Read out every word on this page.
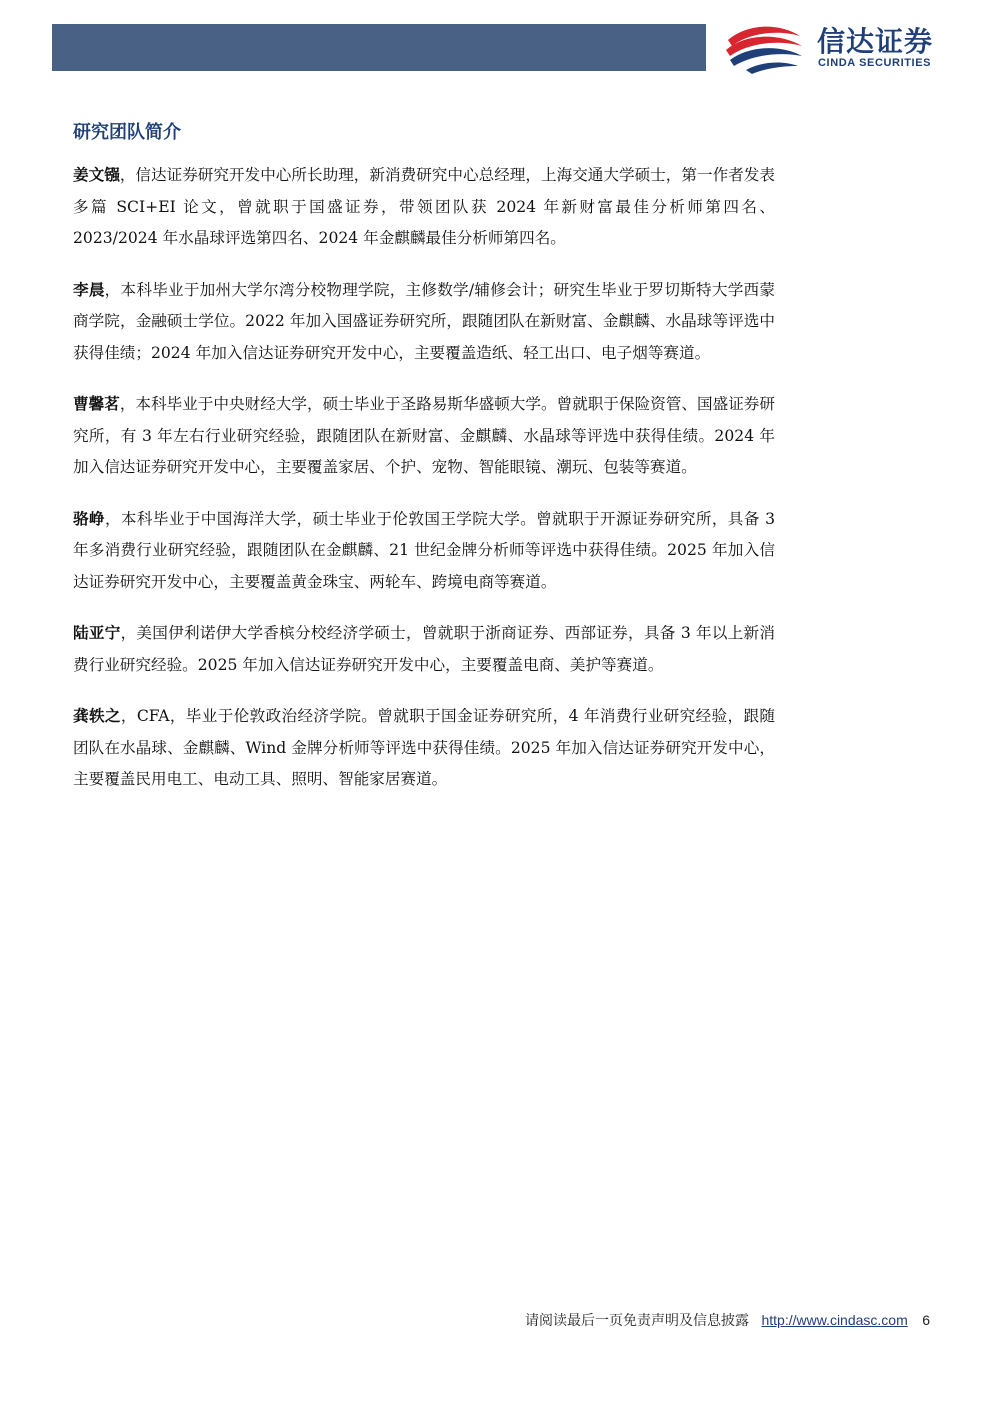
信达证券
CINDA SECURITIES
研究团队简介

姜文镪，信达证券研究开发中心所长助理，新消费研究中心总经理，上海交通大学硕士，第一作者发表多篇 SCI+EI 论文，曾就职于国盛证券，带领团队获 2024 年新财富最佳分析师第四名、2023/2024 年水晶球评选第四名、2024 年金麒麟最佳分析师第四名。

李晨，本科毕业于加州大学尔湾分校物理学院，主修数学/辅修会计；研究生毕业于罗切斯特大学西蒙商学院，金融硕士学位。2022 年加入国盛证券研究所，跟随团队在新财富、金麒麟、水晶球等评选中获得佳绩；2024 年加入信达证券研究开发中心，主要覆盖造纸、轻工出口、电子烟等赛道。

曹馨茗，本科毕业于中央财经大学，硕士毕业于圣路易斯华盛顿大学。曾就职于保险资管、国盛证券研究所，有 3 年左右行业研究经验，跟随团队在新财富、金麒麟、水晶球等评选中获得佳绩。2024 年加入信达证券研究开发中心，主要覆盖家居、个护、宠物、智能眼镜、潮玩、包装等赛道。

骆峥，本科毕业于中国海洋大学，硕士毕业于伦敦国王学院大学。曾就职于开源证券研究所，具备 3 年多消费行业研究经验，跟随团队在金麒麟、21 世纪金牌分析师等评选中获得佳绩。2025 年加入信达证券研究开发中心，主要覆盖黄金珠宝、两轮车、跨境电商等赛道。

陆亚宁，美国伊利诺伊大学香槟分校经济学硕士，曾就职于浙商证券、西部证券，具备 3 年以上新消费行业研究经验。2025 年加入信达证券研究开发中心，主要覆盖电商、美护等赛道。

龚轶之，CFA，毕业于伦敦政治经济学院。曾就职于国金证券研究所，4 年消费行业研究经验，跟随团队在水晶球、金麒麟、Wind 金牌分析师等评选中获得佳绩。2025 年加入信达证券研究开发中心，主要覆盖民用电工、电动工具、照明、智能家居赛道。

请阅读最后一页免责声明及信息披露 http://www.cindasc.com 6
